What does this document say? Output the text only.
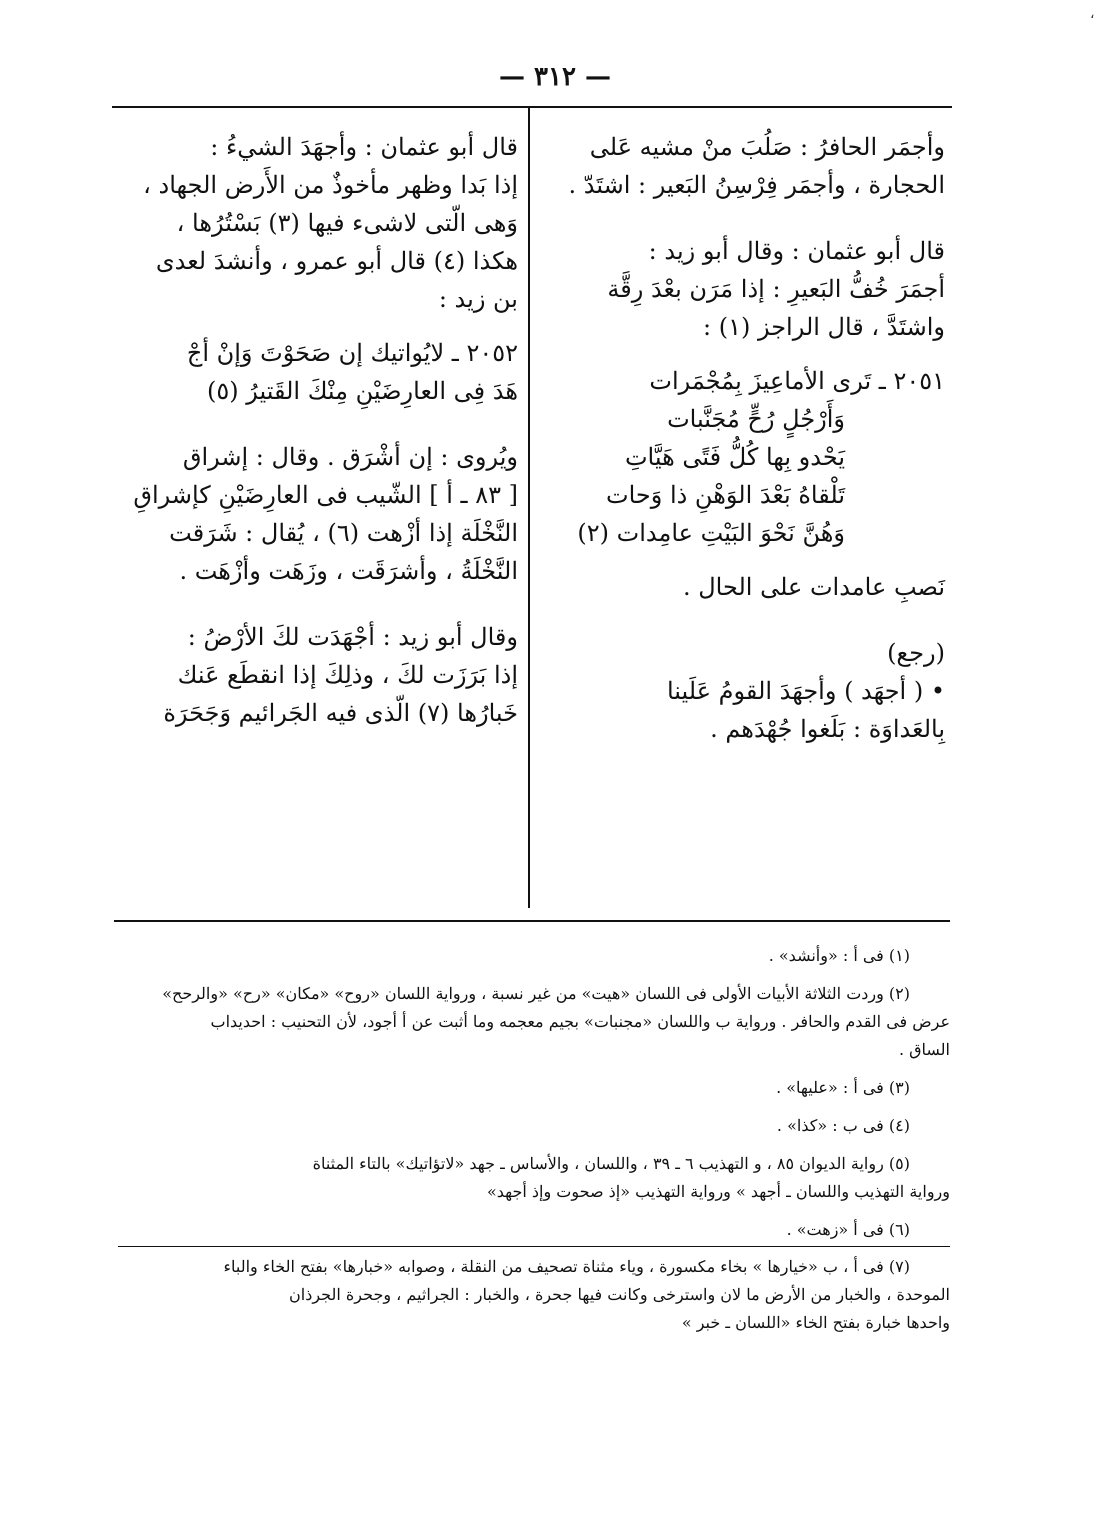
،
— ٣١٢ —
وأجمَر الحافرُ : صَلُبَ منْ مشيه عَلى
الحجارة ، وأجمَر فِرْسِنُ البَعير : اشتَدّ .
قال أبو عثمان : وقال أبو زيد :
أجمَرَ خُفُّ البَعيرِ : إذا مَرَن بعْدَ رِقَّة
واشتَدَّ ، قال الراجز (١) :
٢٠٥١ ـ تَرى الأماعِيزَ بِمُجْمَرات
وَأَرْجُلٍ رُحٍّ مُجَنَّبات
يَحْدو بِها كُلُّ فَتًى هَيَّاتِ
تَلْقاهُ بَعْدَ الوَهْنِ ذا وَحات
وَهُنَّ نَحْوَ البَيْتِ عامِدات (٢)
نَصبِ عامدات على الحال .
(رجع)
• ( أجهَد ) وأجهَدَ القومُ عَلَينا
بِالعَداوَة : بَلَغوا جُهْدَهم .
قال أبو عثمان : وأجهَدَ الشيءُ :
إذا بَدا وظهر مأخوذٌ من الأَرض الجهاد ،
وَهى الّتى لاشىء فيها (٣) بَسْتُرُها ،
هكذا (٤) قال أبو عمرو ، وأنشدَ لعدى
بن زيد :
٢٠٥٢ ـ لايُواتيك إن صَحَوْتَ وَإنْ أجْ
هَدَ فِى العارِضَيْنِ مِنْكَ القَتيرُ (٥)
ويُروى : إن أشْرَق . وقال : إشراق
[ ٨٣ ـ أ ] الشّيب فى العارِضَيْنِ كإشراقِ
النَّخْلَة إذا أزْهت (٦) ، يُقال : شَرَقت
النَّخْلَةُ ، وأشرَقَت ، وزَهَت وأزْهَت .
وقال أبو زيد : أجْهَدَت لكَ الأرْضُ :
إذا بَرَزَت لكَ ، وذلِكَ إذا انقطَع عَنك
خَبارُها (٧) الّذى فيه الجَرائيم وَجَحَرَة
(١) فى أ : «وأنشد» .
(٢) وردت الثلاثة الأبيات الأولى فى اللسان «هيت» من غير نسبة ، ورواية اللسان «روح» «مكان» «رح» «والرحح»
عرض فى القدم والحافر . ورواية ب واللسان «مجنبات» بجيم معجمه وما أثبت عن أ أجود، لأن التحنيب : احديداب
الساق .
(٣) فى أ : «عليها» .
(٤) فى ب : «كذا» .
(٥) رواية الديوان ٨٥ ، و التهذيب ٦ ـ ٣٩ ، واللسان ، والأساس ـ جهد «لاتؤاتيك» بالتاء المثناة
ورواية التهذيب واللسان ـ أجهد » ورواية التهذيب «إذ صحوت وإذ أجهد»
(٦) فى أ «زهت» .
(٧) فى أ ، ب «خيارها » بخاء مكسورة ، وياء مثناة تصحيف من النقلة ، وصوابه «خبارها» بفتح الخاء والباء
الموحدة ، والخبار من الأرض ما لان واسترخى وكانت فيها جحرة ، والخبار : الجراثيم ، وجحرة الجرذان
واحدها خبارة بفتح الخاء «اللسان ـ خبر »
